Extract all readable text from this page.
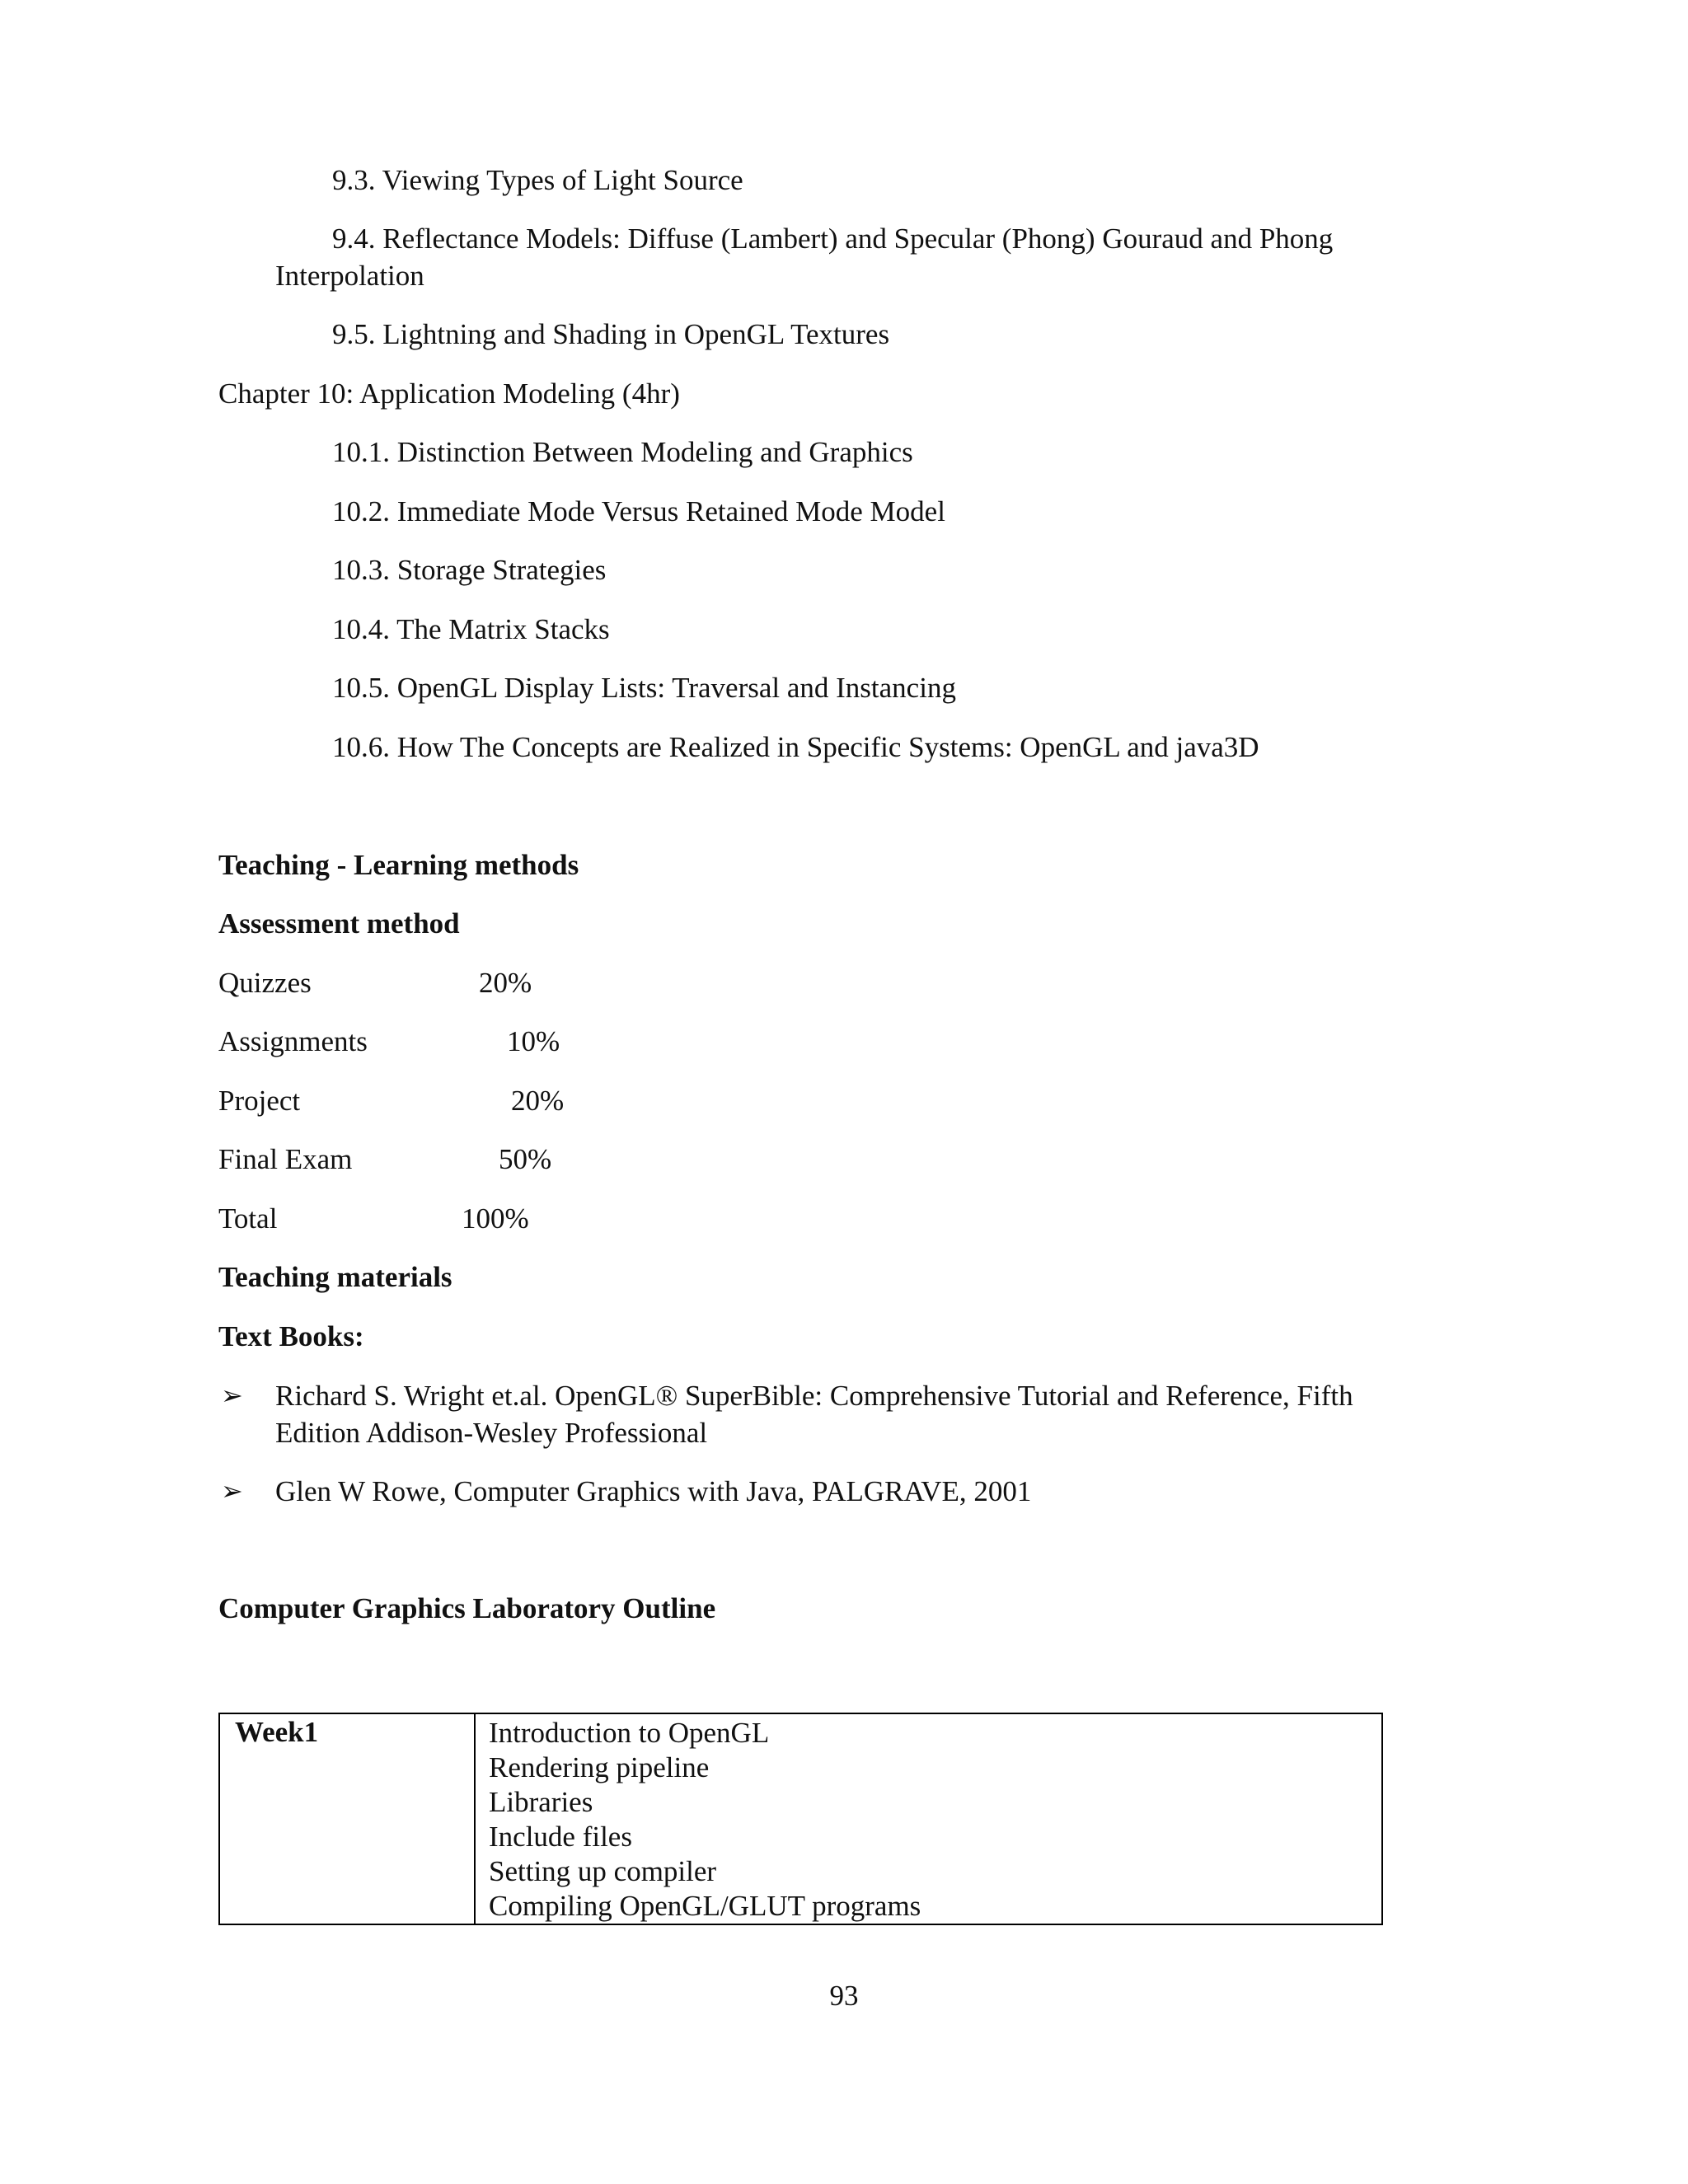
9.3. Viewing Types of Light Source
9.4. Reflectance Models: Diffuse (Lambert) and Specular (Phong) Gouraud and Phong
Interpolation
9.5. Lightning and Shading in OpenGL Textures
Chapter 10: Application Modeling (4hr)
10.1. Distinction Between Modeling and Graphics
10.2. Immediate Mode Versus Retained Mode Model
10.3. Storage Strategies
10.4. The Matrix Stacks
10.5. OpenGL Display Lists: Traversal and Instancing
10.6. How The Concepts are Realized in Specific Systems: OpenGL and java3D
Teaching - Learning methods
Assessment method
Quizzes	20%
Assignments	10%
Project	20%
Final Exam	50%
Total	100%
Teaching materials
Text Books:
➢ Richard S. Wright et.al. OpenGL® SuperBible: Comprehensive Tutorial and Reference, Fifth
Edition Addison-Wesley Professional
➢ Glen W Rowe, Computer Graphics with Java, PALGRAVE, 2001
Computer Graphics Laboratory Outline
Week1	Introduction to OpenGL
Rendering pipeline
Libraries
Include files
Setting up compiler
Compiling OpenGL/GLUT programs
93
